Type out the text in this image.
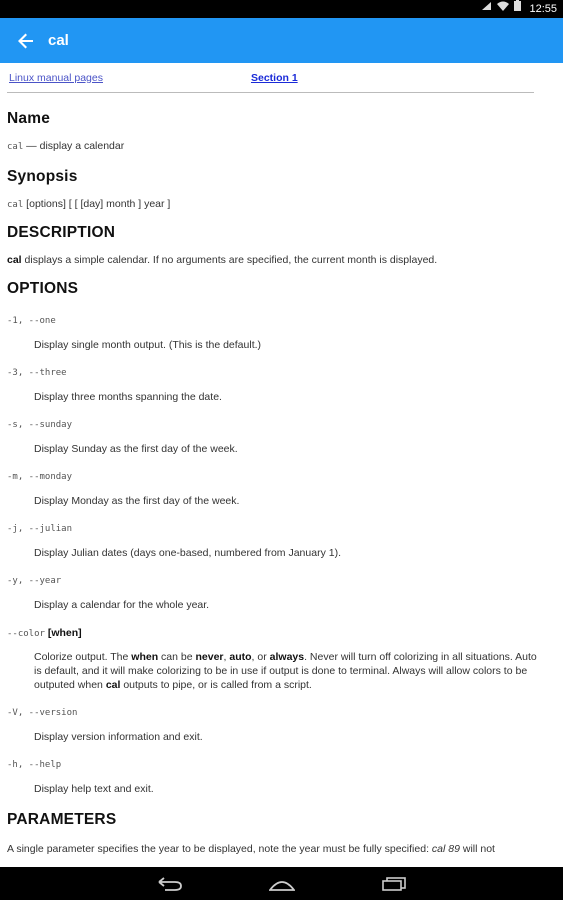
12:55
cal
Linux manual pages	Section 1
Name
cal — display a calendar
Synopsis
cal [options] [ [ [day] month ] year ]
DESCRIPTION
cal displays a simple calendar. If no arguments are specified, the current month is displayed.
OPTIONS
-1, --one
Display single month output. (This is the default.)
-3, --three
Display three months spanning the date.
-s, --sunday
Display Sunday as the first day of the week.
-m, --monday
Display Monday as the first day of the week.
-j, --julian
Display Julian dates (days one-based, numbered from January 1).
-y, --year
Display a calendar for the whole year.
--color [when]
Colorize output. The when can be never, auto, or always. Never will turn off colorizing in all situations. Auto is default, and it will make colorizing to be in use if output is done to terminal. Always will allow colors to be outputed when cal outputs to pipe, or is called from a script.
-V, --version
Display version information and exit.
-h, --help
Display help text and exit.
PARAMETERS
A single parameter specifies the year to be displayed, note the year must be fully specified: cal 89 will not
